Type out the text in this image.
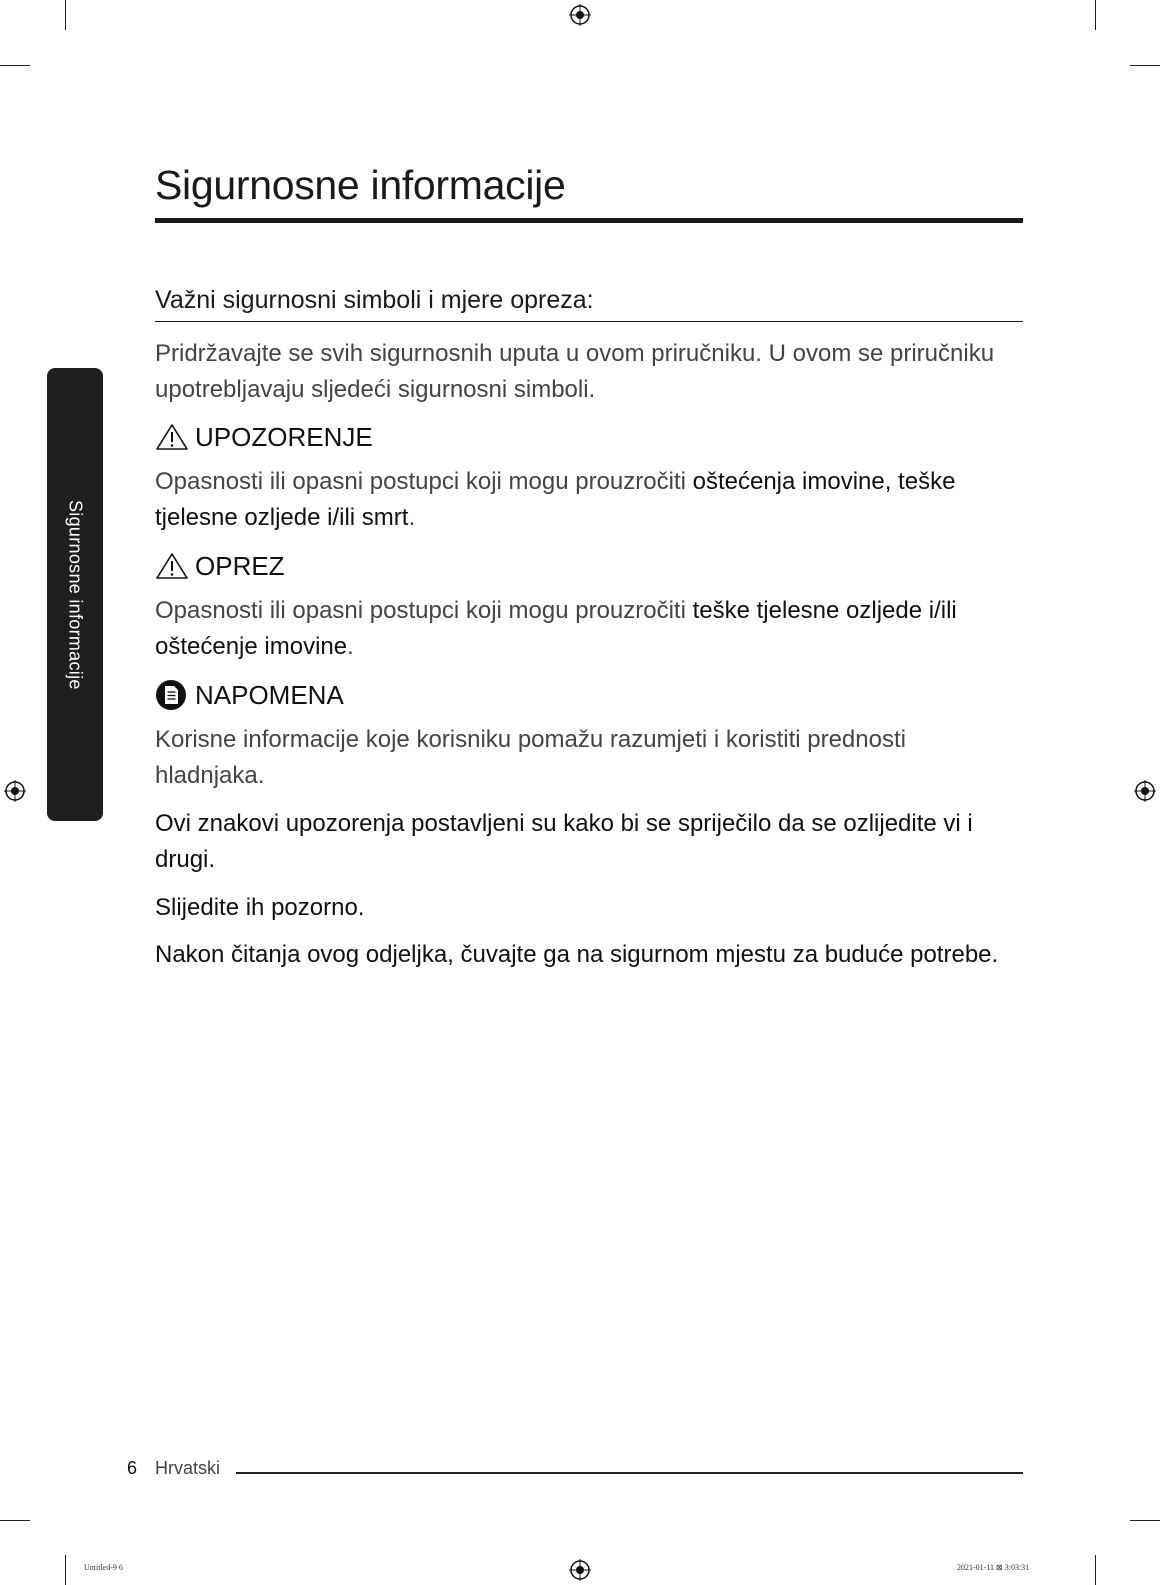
Sigurnosne informacije
Sigurnosne informacije
Važni sigurnosni simboli i mjere opreza:
Pridržavajte se svih sigurnosnih uputa u ovom priručniku. U ovom se priručniku
upotrebljavaju sljedeći sigurnosni simboli.
UPOZORENJE
Opasnosti ili opasni postupci koji mogu prouzročiti oštećenja imovine, teške
tjelesne ozljede i/ili smrt.
OPREZ
Opasnosti ili opasni postupci koji mogu prouzročiti teške tjelesne ozljede i/ili
oštećenje imovine.
NAPOMENA
Korisne informacije koje korisniku pomažu razumjeti i koristiti prednosti
hladnjaka.
Ovi znakovi upozorenja postavljeni su kako bi se spriječilo da se ozlijedite vi i
drugi.
Slijedite ih pozorno.
Nakon čitanja ovog odjeljka, čuvajte ga na sigurnom mjestu za buduće potrebe.
6 Hrvatski
Untitled-9 6	2021-01-11 ⊠ 3:03:31
